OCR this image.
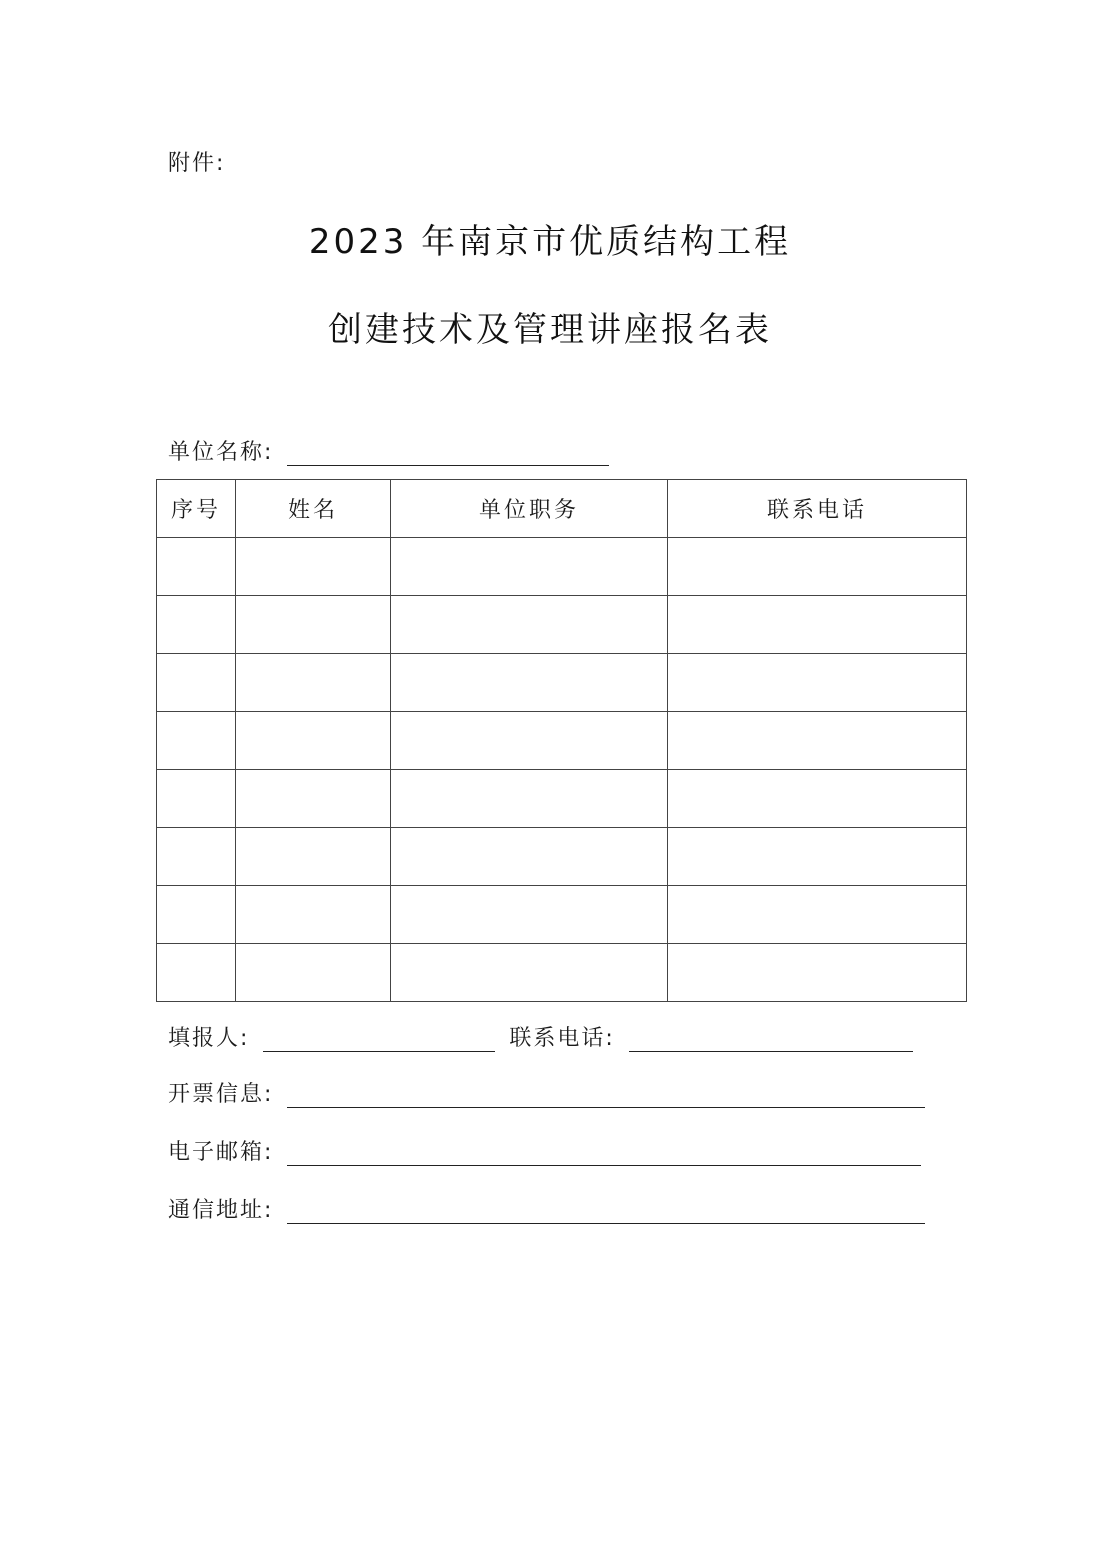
附件:
2023 年南京市优质结构工程
创建技术及管理讲座报名表
单位名称:
序号	姓名	单位职务	联系电话

填报人:	联系电话:
开票信息:
电子邮箱:
通信地址:
